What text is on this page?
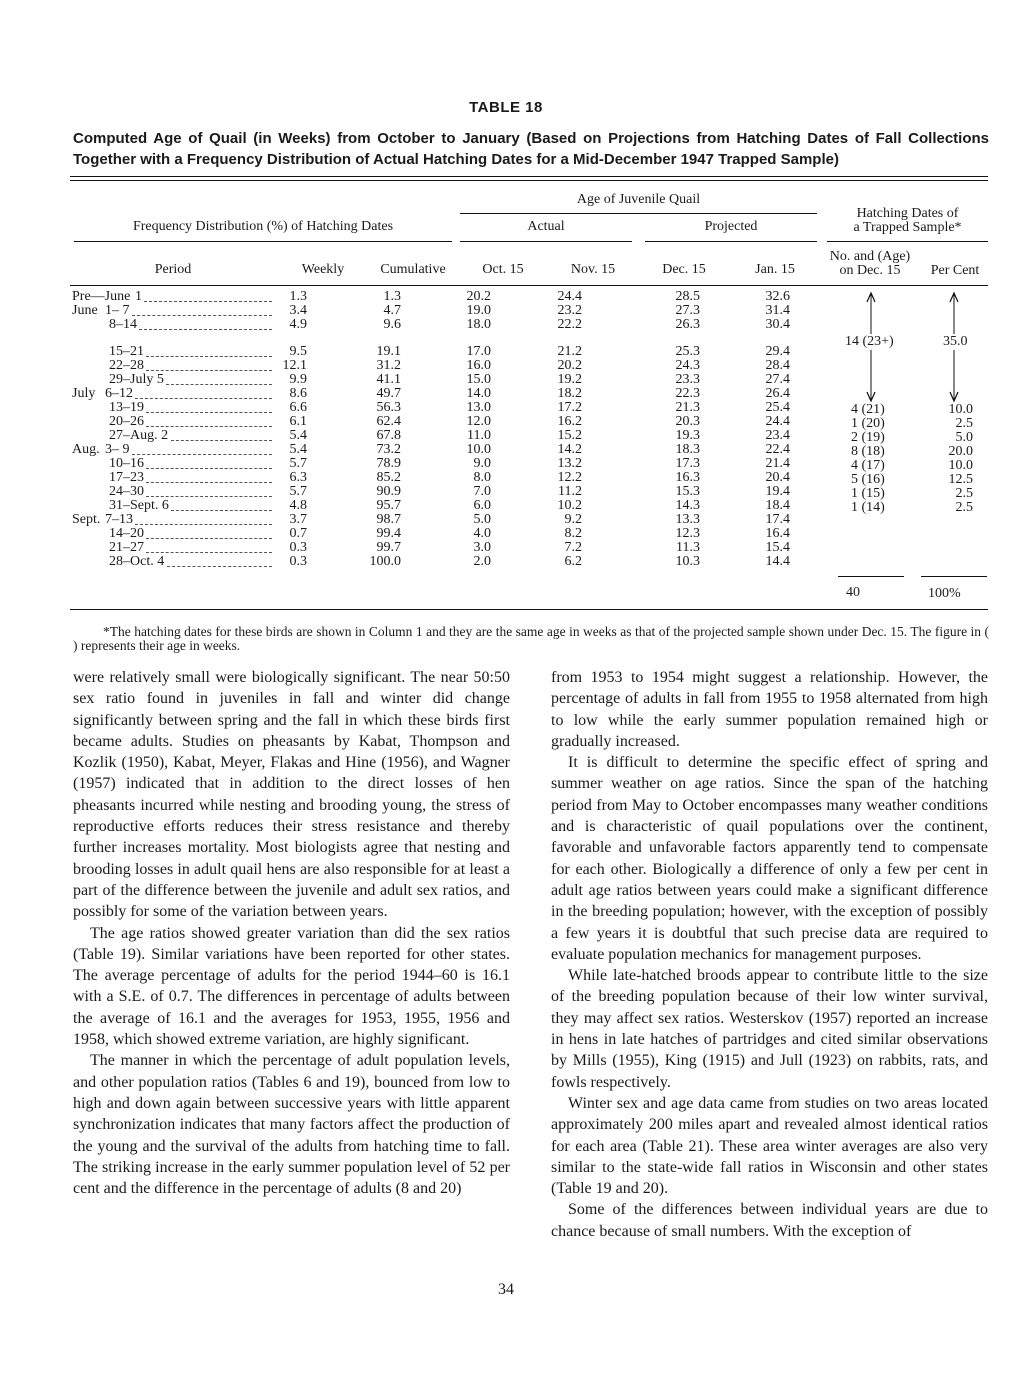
TABLE 18
Computed Age of Quail (in Weeks) from October to January (Based on Projections from Hatching Dates of Fall Collections Together with a Frequency Distribution of Actual Hatching Dates for a Mid-December 1947 Trapped Sample)
Age of Juvenile Quail
Frequency Distribution (%) of Hatching Dates	Actual	Projected
Hatching Dates of
a Trapped Sample*
Period	Weekly	Cumulative	Oct. 15	Nov. 15	Dec. 15	Jan. 15
No. and (Age)
on Dec. 15	Per Cent
Pre—June 1	1.3	1.3	20.2	24.4	28.5	32.6
June 1– 7	3.4	4.7	19.0	23.2	27.3	31.4
8–14	4.9	9.6	18.0	22.2	26.3	30.4
15–21	9.5	19.1	17.0	21.2	25.3	29.4
22–28	12.1	31.2	16.0	20.2	24.3	28.4
29–July 5	9.9	41.1	15.0	19.2	23.3	27.4
July 6–12	8.6	49.7	14.0	18.2	22.3	26.4
13–19	6.6	56.3	13.0	17.2	21.3	25.4
20–26	6.1	62.4	12.0	16.2	20.3	24.4
27–Aug. 2	5.4	67.8	11.0	15.2	19.3	23.4
Aug. 3– 9	5.4	73.2	10.0	14.2	18.3	22.4
10–16	5.7	78.9	9.0	13.2	17.3	21.4
17–23	6.3	85.2	8.0	12.2	16.3	20.4
24–30	5.7	90.9	7.0	11.2	15.3	19.4
31–Sept. 6	4.8	95.7	6.0	10.2	14.3	18.4
Sept. 7–13	3.7	98.7	5.0	9.2	13.3	17.4
14–20	0.7	99.4	4.0	8.2	12.3	16.4
21–27	0.3	99.7	3.0	7.2	11.3	15.4
28–Oct. 4	0.3	100.0	2.0	6.2	10.3	14.4
14 (23+)	35.0
4 (21)	10.0
1 (20)	2.5
2 (19)	5.0
8 (18)	20.0
4 (17)	10.0
5 (16)	12.5
1 (15)	2.5
1 (14)	2.5
40	100%
*The hatching dates for these birds are shown in Column 1 and they are the same age in weeks as that of the projected sample shown under Dec. 15. The figure in ( ) represents their age in weeks.

were relatively small were biologically significant. The near 50:50 sex ratio found in juveniles in fall and winter did change significantly between spring and the fall in which these birds first became adults. Studies on pheasants by Kabat, Thompson and Kozlik (1950), Kabat, Meyer, Flakas and Hine (1956), and Wagner (1957) indicated that in addition to the direct losses of hen pheasants incurred while nesting and brooding young, the stress of reproductive efforts reduces their stress resistance and thereby further increases mortality. Most biologists agree that nesting and brooding losses in adult quail hens are also responsible for at least a part of the difference between the juvenile and adult sex ratios, and possibly for some of the variation between years.

The age ratios showed greater variation than did the sex ratios (Table 19). Similar variations have been reported for other states. The average percentage of adults for the period 1944–60 is 16.1 with a S.E. of 0.7. The differences in percentage of adults between the average of 16.1 and the averages for 1953, 1955, 1956 and 1958, which showed extreme variation, are highly significant.

The manner in which the percentage of adult population levels, and other population ratios (Tables 6 and 19), bounced from low to high and down again between successive years with little apparent synchronization indicates that many factors affect the production of the young and the survival of the adults from hatching time to fall. The striking increase in the early summer population level of 52 per cent and the difference in the percentage of adults (8 and 20)

from 1953 to 1954 might suggest a relationship. However, the percentage of adults in fall from 1955 to 1958 alternated from high to low while the early summer population remained high or gradually increased.

It is difficult to determine the specific effect of spring and summer weather on age ratios. Since the span of the hatching period from May to October encompasses many weather conditions and is characteristic of quail populations over the continent, favorable and unfavorable factors apparently tend to compensate for each other. Biologically a difference of only a few per cent in adult age ratios between years could make a significant difference in the breeding population; however, with the exception of possibly a few years it is doubtful that such precise data are required to evaluate population mechanics for management purposes.

While late-hatched broods appear to contribute little to the size of the breeding population because of their low winter survival, they may affect sex ratios. Westerskov (1957) reported an increase in hens in late hatches of partridges and cited similar observations by Mills (1955), King (1915) and Jull (1923) on rabbits, rats, and fowls respectively.

Winter sex and age data came from studies on two areas located approximately 200 miles apart and revealed almost identical ratios for each area (Table 21). These area winter averages are also very similar to the state-wide fall ratios in Wisconsin and other states (Table 19 and 20).

Some of the differences between individual years are due to chance because of small numbers. With the exception of

34
